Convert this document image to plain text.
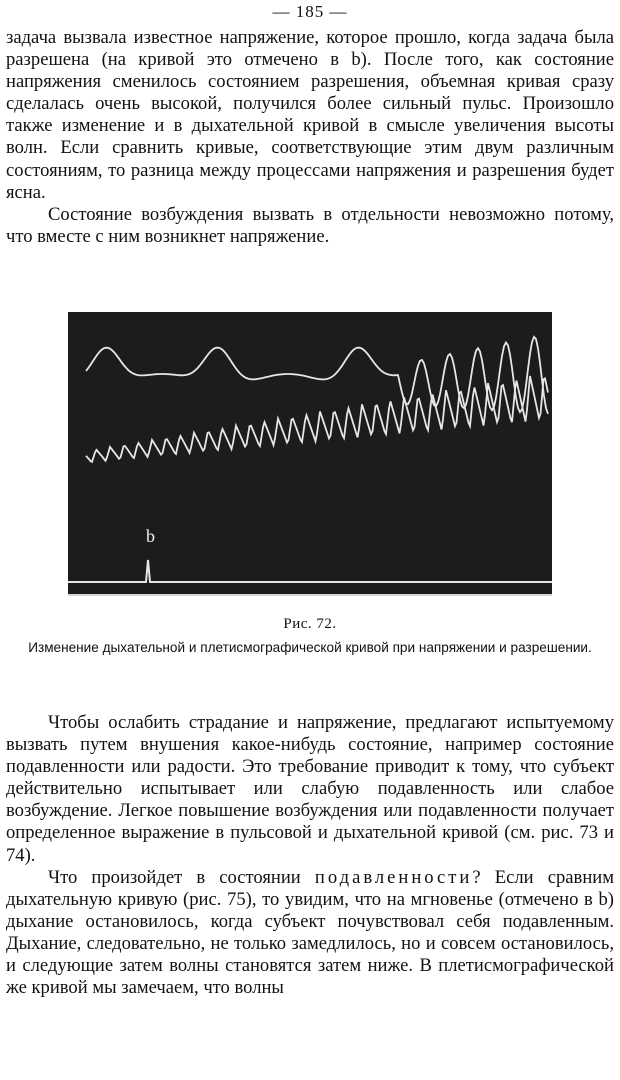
— 185 —

задача вызвала известное напряжение, которое прошло, когда задача была разрешена (на кривой это отмечено в b). После того, как состояние напряжения сменилось состоянием разрешения, объемная кривая сразу сделалась очень высокой, получился более сильный пульс. Произошло также изменение и в дыхательной кривой в смысле увеличения высоты волн. Если сравнить кривые, соответствующие этим двум различным состояниям, то разница между процессами напряжения и разрешения будет ясна.

Состояние возбуждения вызвать в отдельности невозможно потому, что вместе с ним возникнет напряжение.

b
Рис. 72.
Изменение дыхательной и плетисмографической кривой при напряжении и разрешении.

Чтобы ослабить страдание и напряжение, предлагают испытуемому вызвать путем внушения какое-нибудь состояние, например состояние подавленности или радости. Это требование приводит к тому, что субъект действительно испытывает или слабую подавленность или слабое возбуждение. Легкое повышение возбуждения или подавленности получает определенное выражение в пульсовой и дыхательной кривой (см. рис. 73 и 74).

Что произойдет в состоянии подавленности? Если сравним дыхательную кривую (рис. 75), то увидим, что на мгновенье (отмечено в b) дыхание остановилось, когда субъект почувствовал себя подавленным. Дыхание, следовательно, не только замедлилось, но и совсем остановилось, и следующие затем волны становятся затем ниже. В плетисмографической же кривой мы замечаем, что волны
